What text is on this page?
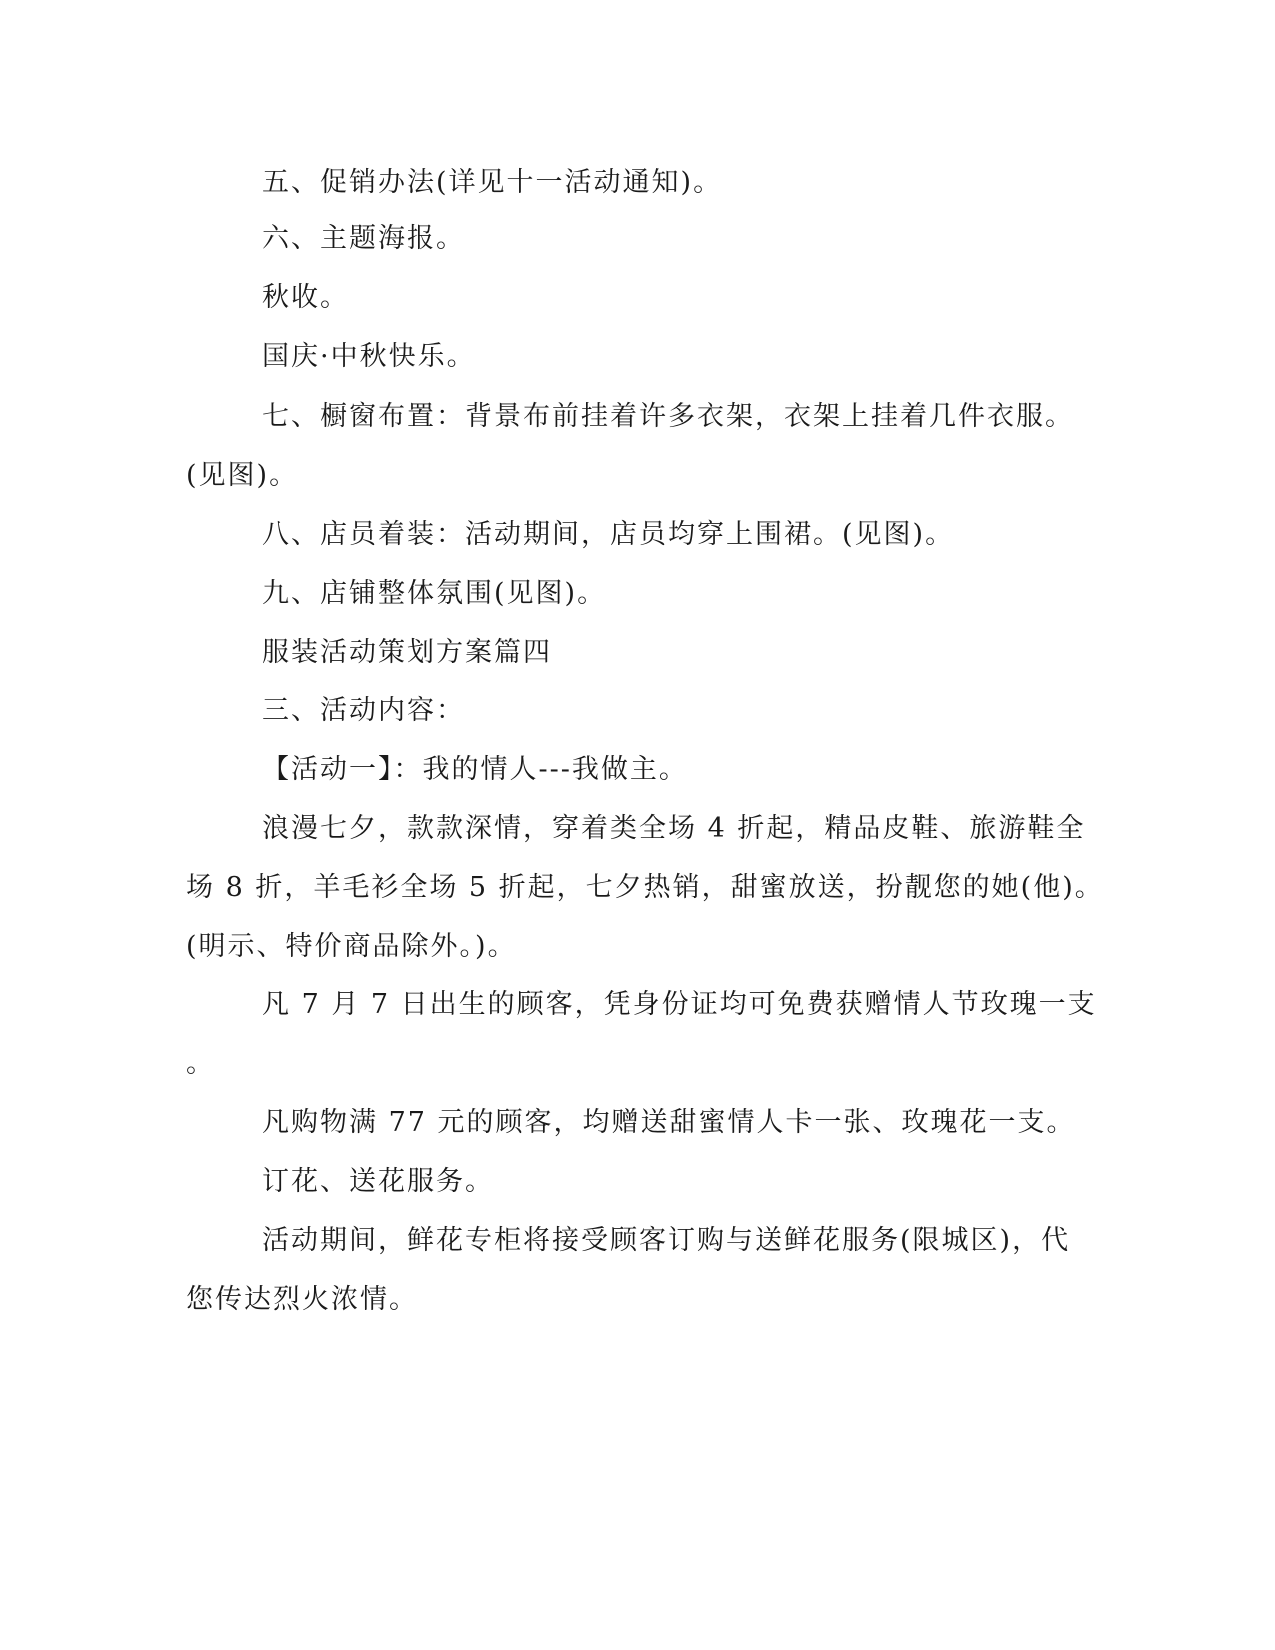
五、促销办法(详见十一活动通知)。
六、主题海报。
秋收。
国庆·中秋快乐。
七、橱窗布置：背景布前挂着许多衣架，衣架上挂着几件衣服。
(见图)。
八、店员着装：活动期间，店员均穿上围裙。(见图)。
九、店铺整体氛围(见图)。
服装活动策划方案篇四
三、活动内容：
【活动一】：我的情人---我做主。
浪漫七夕，款款深情，穿着类全场 4 折起，精品皮鞋、旅游鞋全
场 8 折，羊毛衫全场 5 折起，七夕热销，甜蜜放送，扮靓您的她(他)。
(明示、特价商品除外。)。
凡 7 月 7 日出生的顾客，凭身份证均可免费获赠情人节玫瑰一支
。
凡购物满 77 元的顾客，均赠送甜蜜情人卡一张、玫瑰花一支。
订花、送花服务。
活动期间，鲜花专柜将接受顾客订购与送鲜花服务(限城区)，代
您传达烈火浓情。
